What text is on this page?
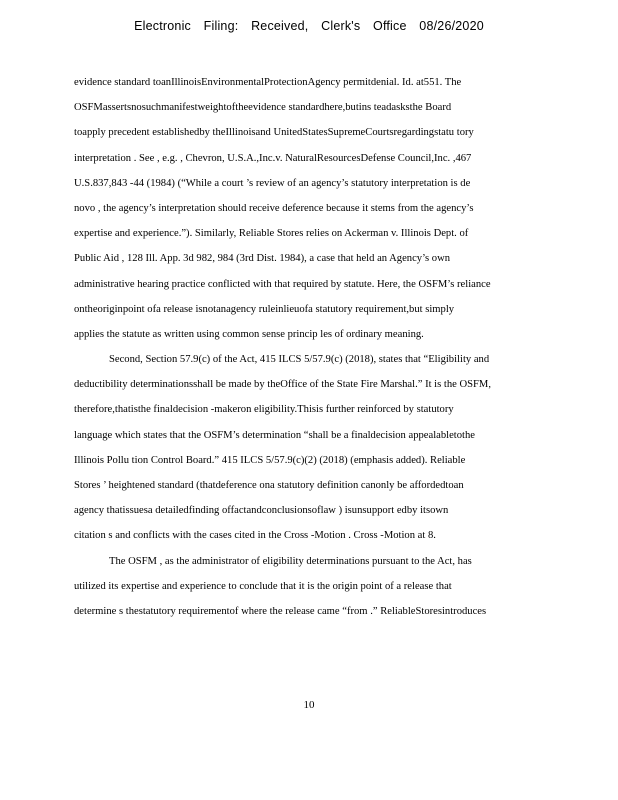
Electronic Filing: Received, Clerk's Office 08/26/2020
evidence standard toanIllinoisEnvironmentalProtectionAgency permitdenial. Id. at551. The
OSFMassertsnosuchmanifestweightoftheevidence standardhere,butins teadasksthe Board
toapply precedent establishedby theIllinoisand UnitedStatesSupremeCourtsregardingstatu tory
interpretation . See , e.g. , Chevron, U.S.A.,Inc.v. NaturalResourcesDefense Council,Inc. ,467
U.S.837,843 -44 (1984) (“While a court ’s review of an agency’s statutory interpretation is de
novo , the agency’s interpretation should receive deference because it stems from the agency’s
expertise and experience.”). Similarly, Reliable Stores relies on Ackerman v. Illinois Dept. of
Public Aid , 128 Ill. App. 3d 982, 984 (3rd Dist. 1984), a case that held an Agency’s own
administrative hearing practice conflicted with that required by statute. Here, the OSFM’s reliance
ontheoriginpoint ofa release isnotanagency ruleinlieuofa statutory requirement,but simply
applies the statute as written using common sense princip les of ordinary meaning.
Second, Section 57.9(c) of the Act, 415 ILCS 5/57.9(c) (2018), states that “Eligibility and
deductibility determinationsshall be made by theOffice of the State Fire Marshal.” It is the OSFM,
therefore,thatisthe finaldecision -makeron eligibility.Thisis further reinforced by statutory
language which states that the OSFM’s determination “shall be a finaldecision appealabletothe
Illinois Pollu tion Control Board.” 415 ILCS 5/57.9(c)(2) (2018) (emphasis added). Reliable
Stores ’ heightened standard (thatdeference ona statutory definition canonly be affordedtoan
agency thatissuesa detailedfinding offactandconclusionsoflaw ) isunsupport edby itsown
citation s and conflicts with the cases cited in the Cross -Motion . Cross -Motion at 8.
The OSFM , as the administrator of eligibility determinations pursuant to the Act, has
utilized its expertise and experience to conclude that it is the origin point of a release that
determine s thestatutory requirementof where the release came “from .” ReliableStoresintroduces
10
